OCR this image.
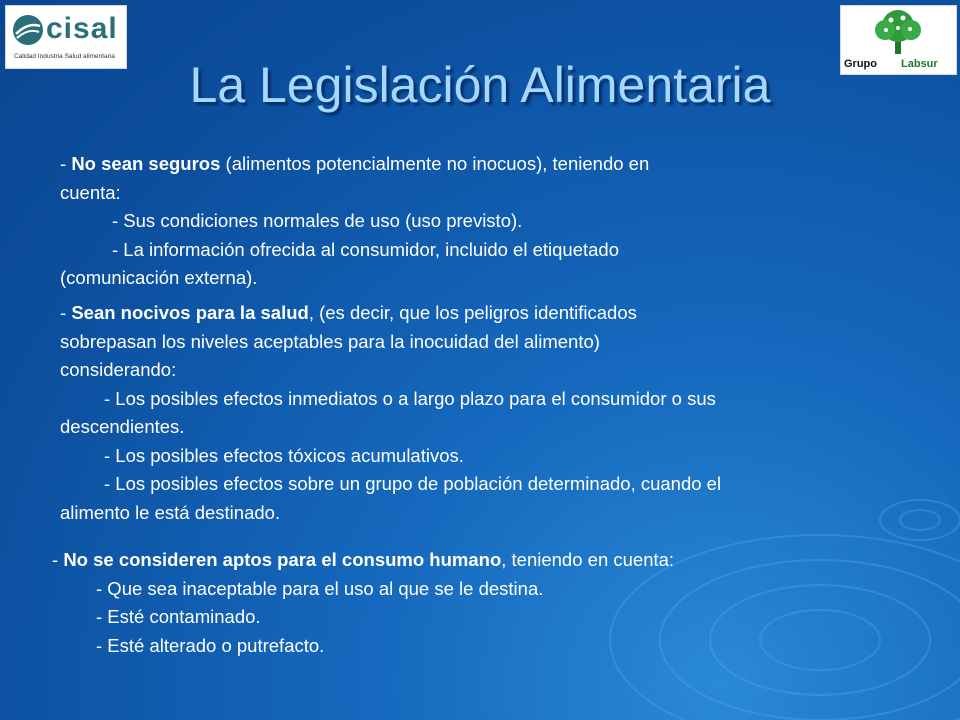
cisal
Calidad Industria Salud alimentaria
Grupo Labsur
La Legislación Alimentaria
- No sean seguros (alimentos potencialmente no inocuos), teniendo en
cuenta:
- Sus condiciones normales de uso (uso previsto).
- La información ofrecida al consumidor, incluido el etiquetado
(comunicación externa).
- Sean nocivos para la salud, (es decir, que los peligros identificados
sobrepasan los niveles aceptables para la inocuidad del alimento)
considerando:
- Los posibles efectos inmediatos o a largo plazo para el consumidor o sus
descendientes.
- Los posibles efectos tóxicos acumulativos.
- Los posibles efectos sobre un grupo de población determinado, cuando el
alimento le está destinado.
- No se consideren aptos para el consumo humano, teniendo en cuenta:
- Que sea inaceptable para el uso al que se le destina.
- Esté contaminado.
- Esté alterado o putrefacto.
